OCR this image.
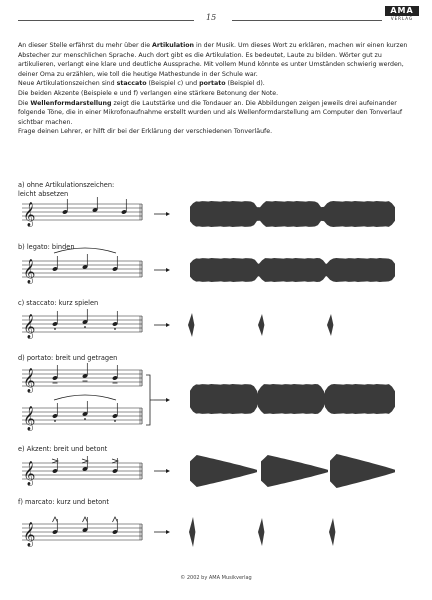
15
AMA
VERLAG

An dieser Stelle erfährst du mehr über die Artikulation in der Musik. Um dieses Wort zu erklären, machen wir einen kurzen Abstecher zur menschlichen Sprache. Auch dort gibt es die Artikulation. Es bedeutet, Laute zu bilden. Wörter gut zu artikulieren, verlangt eine klare und deutliche Aussprache. Mit vollem Mund könnte es unter Umständen schwierig werden, deiner Oma zu erzählen, wie toll die heutige Mathestunde in der Schule war.

Neue Artikulationszeichen sind staccato (Beispiel c) und portato (Beispiel d).

Die beiden Akzente (Beispiele e und f) verlangen eine stärkere Betonung der Note.

Die Wellenformdarstellung zeigt die Lautstärke und die Tondauer an. Die Abbildungen zeigen jeweils drei aufeinander folgende Töne, die in einer Mikrofonaufnahme erstellt wurden und als Wellenformdarstellung am Computer den Tonverlauf sichtbar machen.

Frage deinen Lehrer, er hilft dir bei der Erklärung der verschiedenen Tonverläufe.

a) ohne Artikulationszeichen:
leicht absetzen
b) legato: binden
c) staccato: kurz spielen
d) portato: breit und getragen
e) Akzent: breit und betont
f) marcato: kurz und betont
𝄞
𝄞
𝄞
𝄞
𝄞
𝄞
𝄞
© 2002 by AMA Musikverlag
